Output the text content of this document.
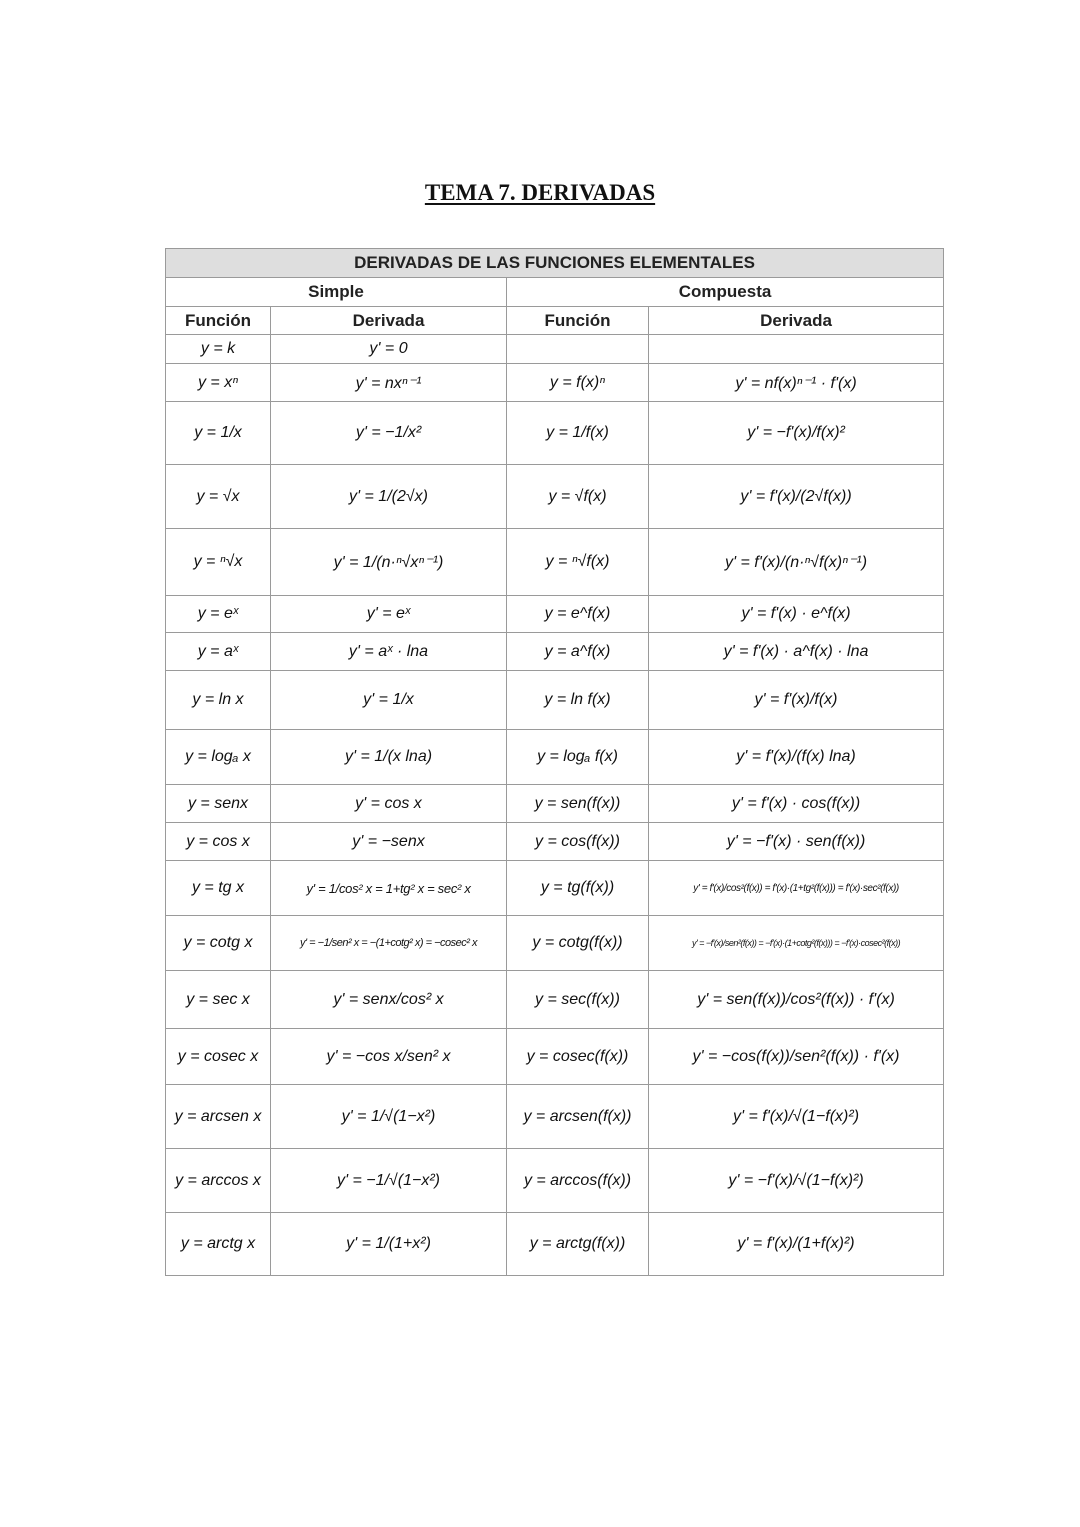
TEMA 7. DERIVADAS
DERIVADAS DE LAS FUNCIONES ELEMENTALES			
Simple		Compuesta	
Función	Derivada	Función	Derivada
y = k	y' = 0		
y = xⁿ	y' = nxⁿ⁻¹	y = f(x)ⁿ	y' = nf(x)ⁿ⁻¹ · f'(x)
y = 1/x	y' = −1/x²	y = 1/f(x)	y' = −f'(x)/f(x)²
y = √x	y' = 1/(2√x)	y = √f(x)	y' = f'(x)/(2√f(x))
y = ⁿ√x	y' = 1/(n·ⁿ√xⁿ⁻¹)	y = ⁿ√f(x)	y' = f'(x)/(n·ⁿ√f(x)ⁿ⁻¹)
y = eˣ	y' = eˣ	y = e^f(x)	y' = f'(x) · e^f(x)
y = aˣ	y' = aˣ · lna	y = a^f(x)	y' = f'(x) · a^f(x) · lna
y = ln x	y' = 1/x	y = ln f(x)	y' = f'(x)/f(x)
y = logₐ x	y' = 1/(x lna)	y = logₐ f(x)	y' = f'(x)/(f(x) lna)
y = senx	y' = cos x	y = sen(f(x))	y' = f'(x) · cos(f(x))
y = cos x	y' = −senx	y = cos(f(x))	y' = −f'(x) · sen(f(x))
y = tg x	y' = 1/cos² x = 1+tg² x = sec² x	y = tg(f(x))	y' = f'(x)/cos²(f(x)) = f'(x)·(1+tg²(f(x))) = f'(x)·sec²(f(x))
y = cotg x	y' = −1/sen² x = −(1+cotg² x) = −cosec² x	y = cotg(f(x))	y' = −f'(x)/sen²(f(x)) = −f'(x)·(1+cotg²(f(x))) = −f'(x)·cosec²(f(x))
y = sec x	y' = senx/cos² x	y = sec(f(x))	y' = sen(f(x))/cos²(f(x)) · f'(x)
y = cosec x	y' = −cos x/sen² x	y = cosec(f(x))	y' = −cos(f(x))/sen²(f(x)) · f'(x)
y = arcsen x	y' = 1/√(1−x²)	y = arcsen(f(x))	y' = f'(x)/√(1−f(x)²)
y = arccos x	y' = −1/√(1−x²)	y = arccos(f(x))	y' = −f'(x)/√(1−f(x)²)
y = arctg x	y' = 1/(1+x²)	y = arctg(f(x))	y' = f'(x)/(1+f(x)²)
